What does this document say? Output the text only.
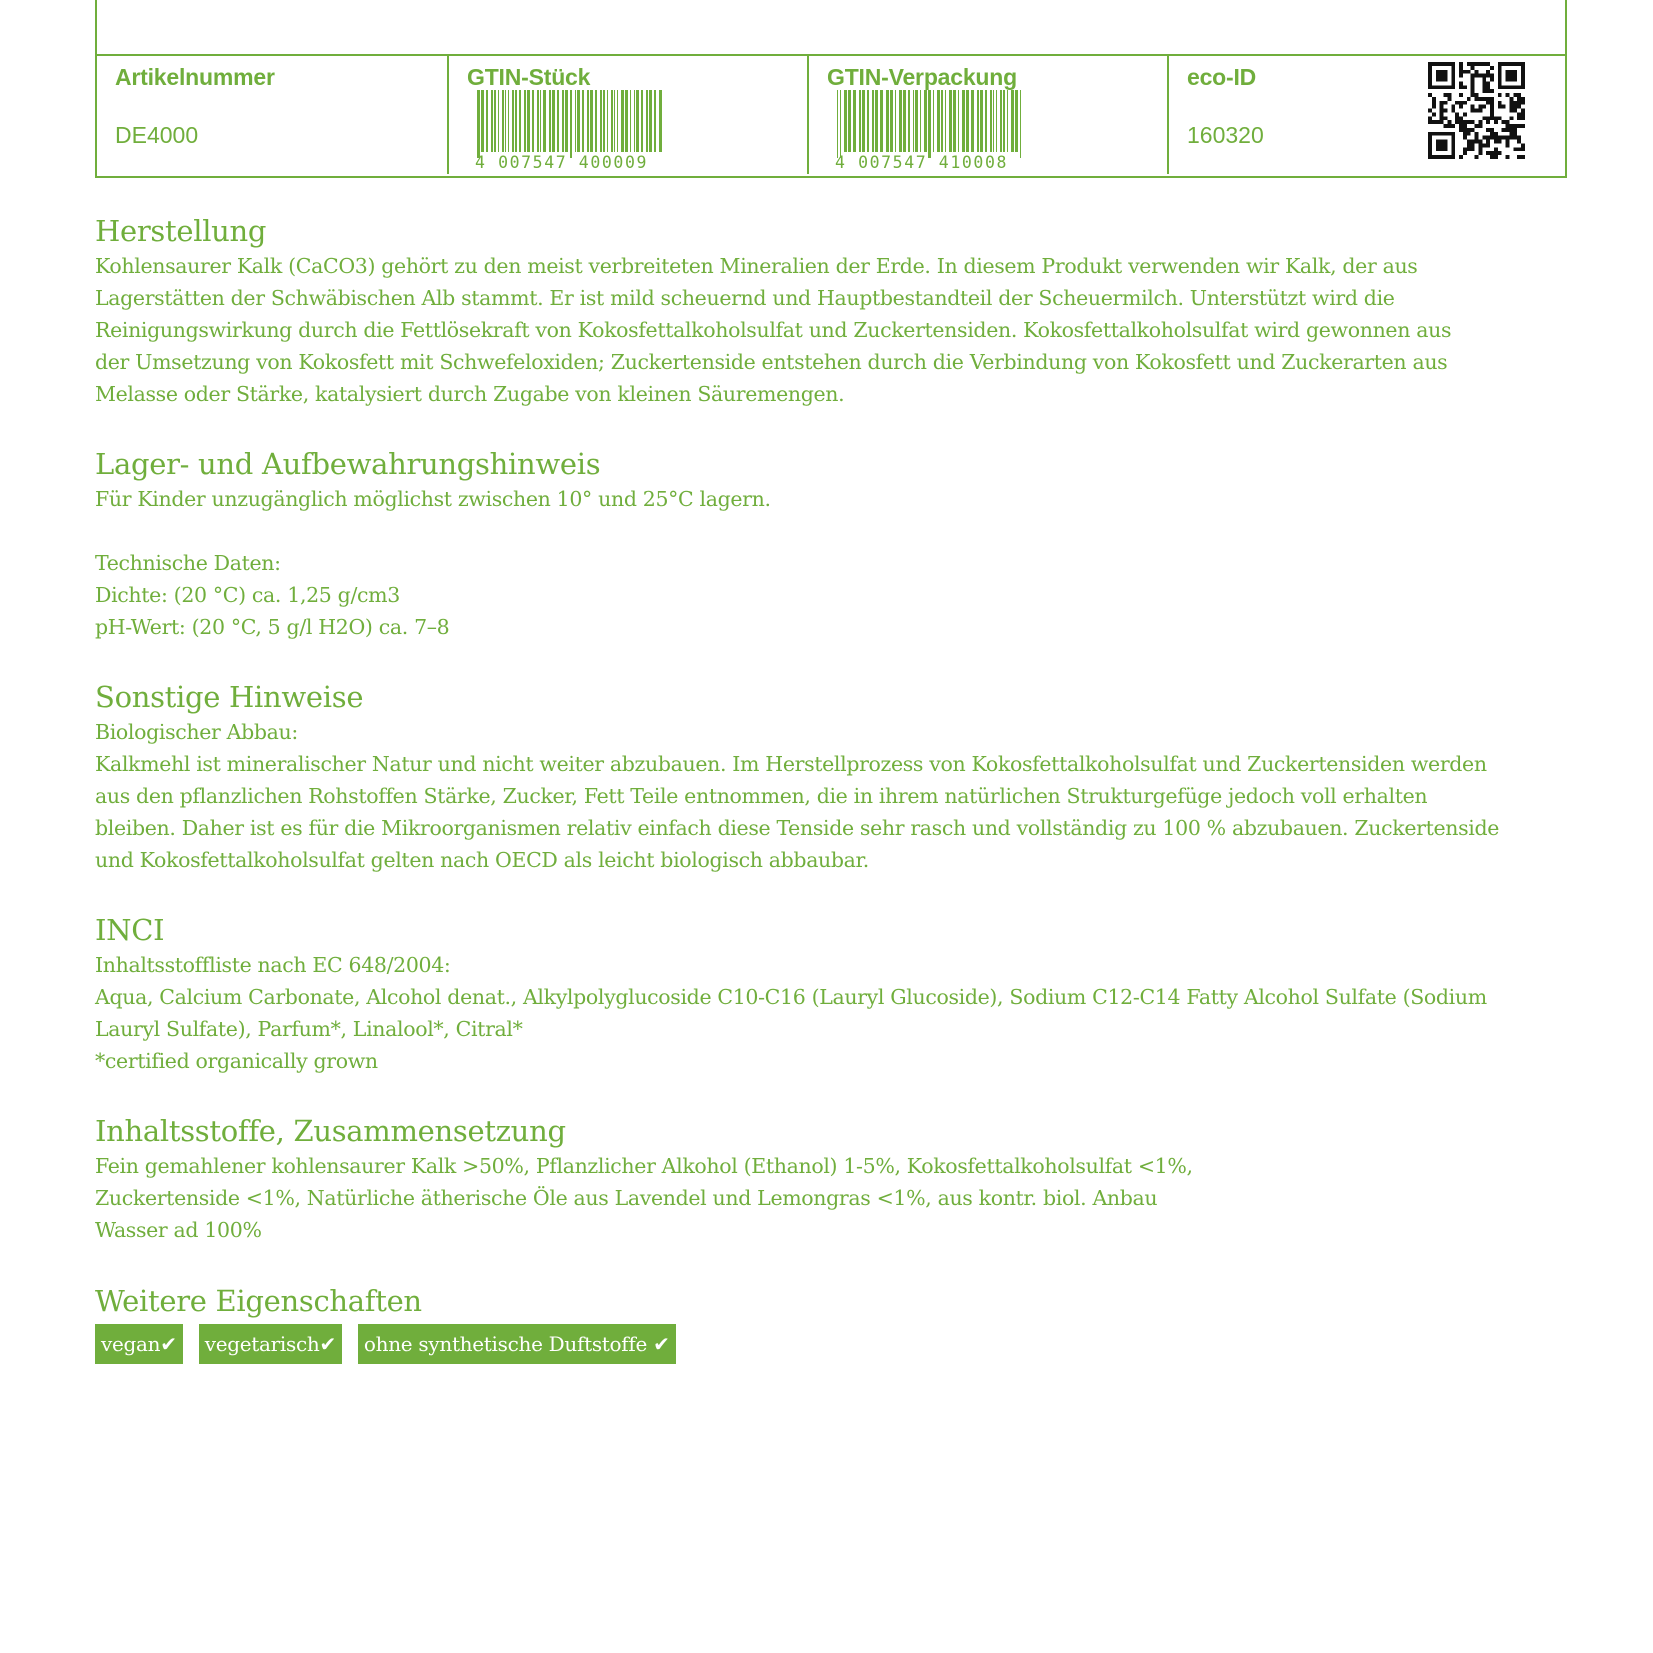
Artikelnummer
DE4000
GTIN-Stück
4 007547 400009
GTIN-Verpackung
4 007547 410008
eco-ID
160320
Herstellung

Kohlensaurer Kalk (CaCO3) gehört zu den meist verbreiteten Mineralien der Erde. In diesem Produkt verwenden wir Kalk, der aus

Lagerstätten der Schwäbischen Alb stammt. Er ist mild scheuernd und Hauptbestandteil der Scheuermilch. Unterstützt wird die

Reinigungswirkung durch die Fettlösekraft von Kokosfettalkoholsulfat und Zuckertensiden. Kokosfettalkoholsulfat wird gewonnen aus

der Umsetzung von Kokosfett mit Schwefeloxiden; Zuckertenside entstehen durch die Verbindung von Kokosfett und Zuckerarten aus

Melasse oder Stärke, katalysiert durch Zugabe von kleinen Säuremengen.

Lager- und Aufbewahrungshinweis

Für Kinder unzugänglich möglichst zwischen 10° und 25°C lagern.

Technische Daten:

Dichte: (20 °C) ca. 1,25 g/cm3

pH-Wert: (20 °C, 5 g/l H2O) ca. 7–8

Sonstige Hinweise

Biologischer Abbau:

Kalkmehl ist mineralischer Natur und nicht weiter abzubauen. Im Herstellprozess von Kokosfettalkoholsulfat und Zuckertensiden werden

aus den pflanzlichen Rohstoffen Stärke, Zucker, Fett Teile entnommen, die in ihrem natürlichen Strukturgefüge jedoch voll erhalten

bleiben. Daher ist es für die Mikroorganismen relativ einfach diese Tenside sehr rasch und vollständig zu 100 % abzubauen. Zuckertenside

und Kokosfettalkoholsulfat gelten nach OECD als leicht biologisch abbaubar.

INCI

Inhaltsstoffliste nach EC 648/2004:

Aqua, Calcium Carbonate, Alcohol denat., Alkylpolyglucoside C10-C16 (Lauryl Glucoside), Sodium C12-C14 Fatty Alcohol Sulfate (Sodium

Lauryl Sulfate), Parfum*, Linalool*, Citral*

*certified organically grown

Inhaltsstoffe, Zusammensetzung

Fein gemahlener kohlensaurer Kalk >50%, Pflanzlicher Alkohol (Ethanol) 1-5%, Kokosfettalkoholsulfat <1%,

Zuckertenside <1%, Natürliche ätherische Öle aus Lavendel und Lemongras <1%, aus kontr. biol. Anbau

Wasser ad 100%

Weitere Eigenschaften
vegan✔	vegetarisch✔	ohne synthetische Duftstoffe ✔
